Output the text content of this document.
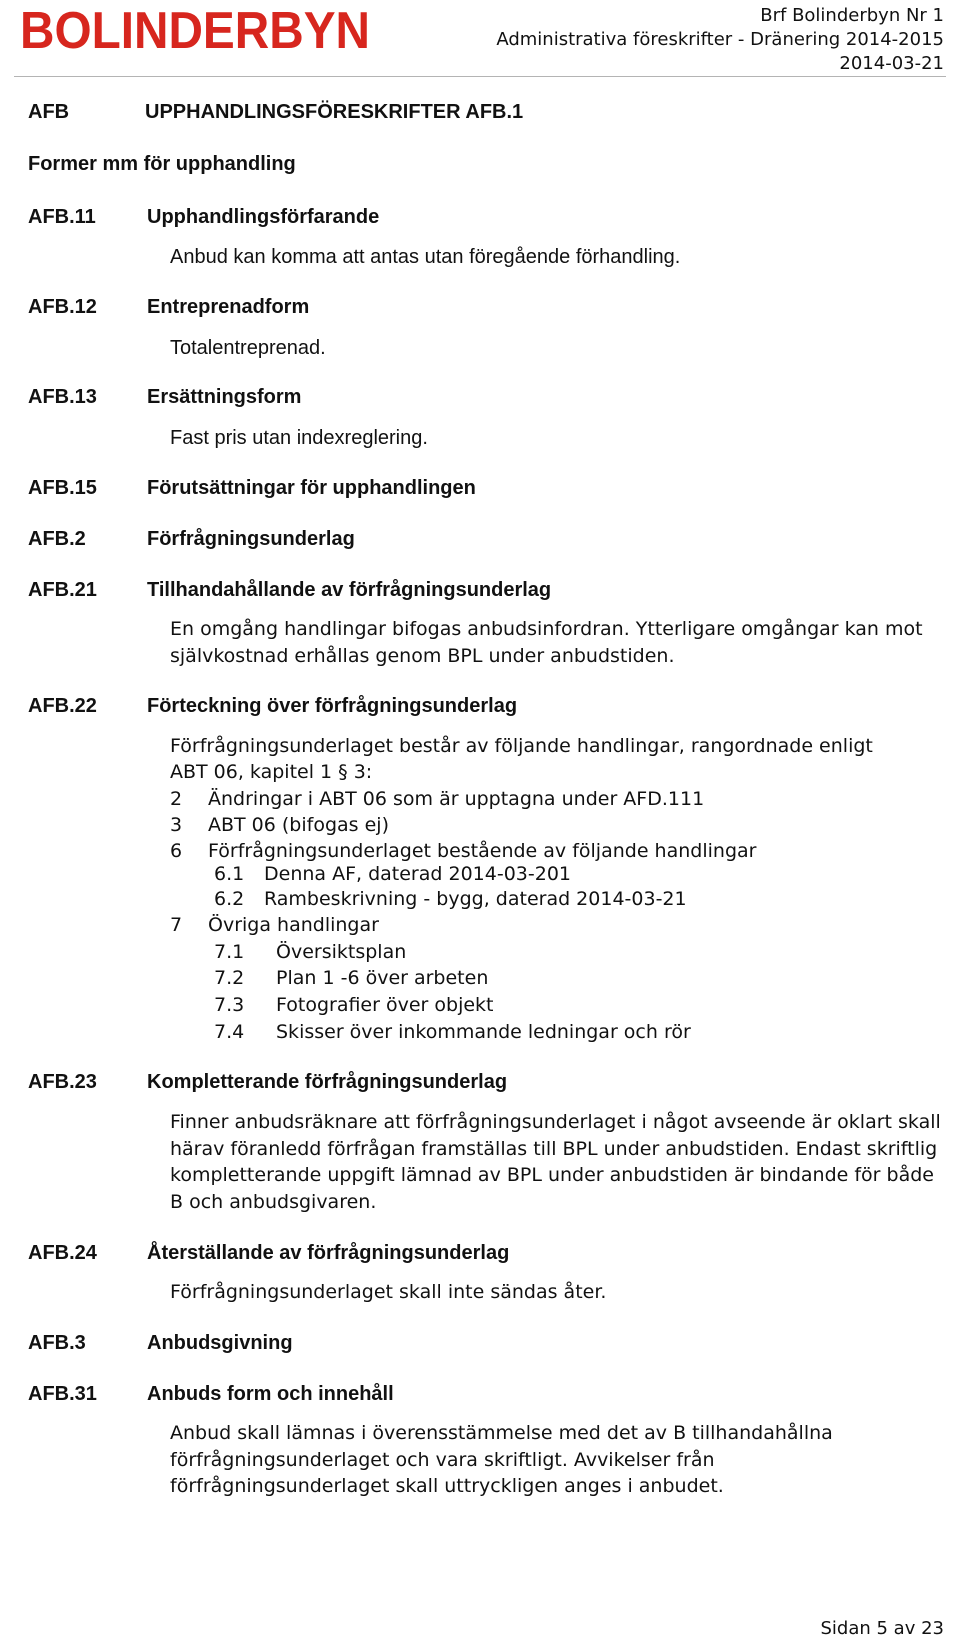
BOLINDERBYN	Brf Bolinderbyn Nr 1
Administrativa föreskrifter - Dränering 2014-2015
2014-03-21
AFB	UPPHANDLINGSFÖRESKRIFTER AFB.1
Former mm för upphandling
AFB.11	Upphandlingsförfarande
Anbud kan komma att antas utan föregående förhandling.
AFB.12	Entreprenadform
Totalentreprenad.
AFB.13	Ersättningsform
Fast pris utan indexreglering.
AFB.15	Förutsättningar för upphandlingen
AFB.2	Förfrågningsunderlag
AFB.21	Tillhandahållande av förfrågningsunderlag
En omgång handlingar bifogas anbudsinfordran. Ytterligare omgångar kan mot
självkostnad erhållas genom BPL under anbudstiden.
AFB.22	Förteckning över förfrågningsunderlag
Förfrågningsunderlaget består av följande handlingar, rangordnade enligt
ABT 06, kapitel 1 § 3:
2 Ändringar i ABT 06 som är upptagna under AFD.111
3 ABT 06 (bifogas ej)
6 Förfrågningsunderlaget bestående av följande handlingar
6.1 Denna AF, daterad 2014-03-201
6.2 Rambeskrivning - bygg, daterad 2014-03-21
7 Övriga handlingar
7.1 Översiktsplan
7.2 Plan 1 -6 över arbeten
7.3 Fotografier över objekt
7.4 Skisser över inkommande ledningar och rör
AFB.23	Kompletterande förfrågningsunderlag
Finner anbudsräknare att förfrågningsunderlaget i något avseende är oklart skall
härav föranledd förfrågan framställas till BPL under anbudstiden. Endast skriftlig
kompletterande uppgift lämnad av BPL under anbudstiden är bindande för både
B och anbudsgivaren.
AFB.24	Återställande av förfrågningsunderlag
Förfrågningsunderlaget skall inte sändas åter.
AFB.3	Anbudsgivning
AFB.31	Anbuds form och innehåll
Anbud skall lämnas i överensstämmelse med det av B tillhandahållna
förfrågningsunderlaget och vara skriftligt. Avvikelser från
förfrågningsunderlaget skall uttryckligen anges i anbudet.
Sidan 5 av 23
